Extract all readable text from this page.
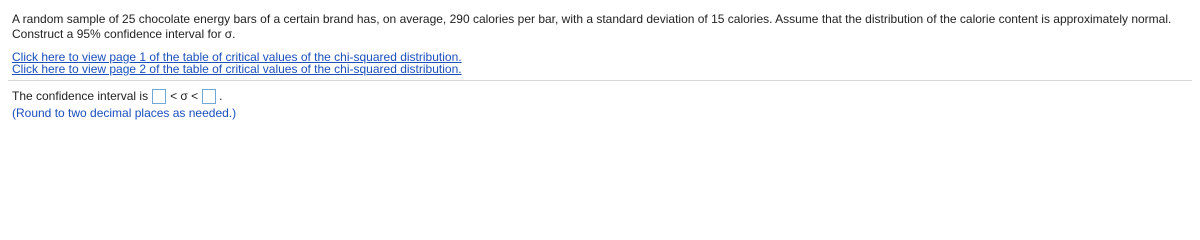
A random sample of 25 chocolate energy bars of a certain brand has, on average, 290 calories per bar, with a standard deviation of 15 calories. Assume that the distribution of the calorie content is approximately normal. Construct a 95% confidence interval for σ.

Click here to view page 1 of the table of critical values of the chi-squared distribution.
Click here to view page 2 of the table of critical values of the chi-squared distribution.
The confidence interval is < σ < .
(Round to two decimal places as needed.)
